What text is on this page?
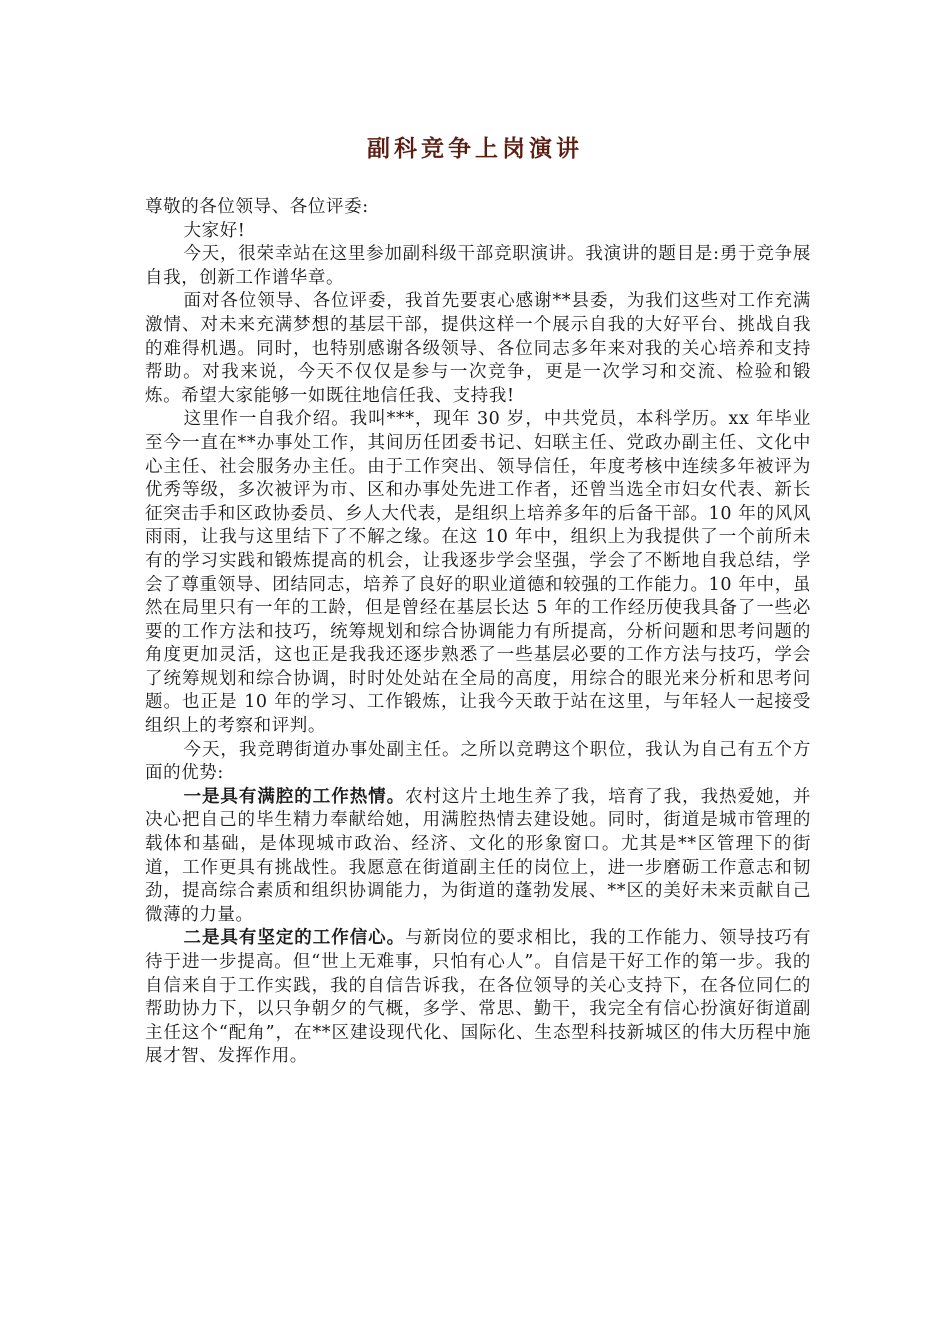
副科竞争上岗演讲

尊敬的各位领导、各位评委:

大家好!

今天，很荣幸站在这里参加副科级干部竞职演讲。我演讲的题目是:勇于竞争展自我，创新工作谱华章。

面对各位领导、各位评委，我首先要衷心感谢**县委，为我们这些对工作充满激情、对未来充满梦想的基层干部，提供这样一个展示自我的大好平台、挑战自我的难得机遇。同时，也特别感谢各级领导、各位同志多年来对我的关心培养和支持帮助。对我来说，今天不仅仅是参与一次竞争，更是一次学习和交流、检验和锻炼。希望大家能够一如既往地信任我、支持我!

这里作一自我介绍。我叫***，现年 30 岁，中共党员，本科学历。xx 年毕业至今一直在**办事处工作，其间历任团委书记、妇联主任、党政办副主任、文化中心主任、社会服务办主任。由于工作突出、领导信任，年度考核中连续多年被评为优秀等级，多次被评为市、区和办事处先进工作者，还曾当选全市妇女代表、新长征突击手和区政协委员、乡人大代表，是组织上培养多年的后备干部。10 年的风风雨雨，让我与这里结下了不解之缘。在这 10 年中，组织上为我提供了一个前所未有的学习实践和锻炼提高的机会，让我逐步学会坚强，学会了不断地自我总结，学会了尊重领导、团结同志，培养了良好的职业道德和较强的工作能力。10 年中，虽然在局里只有一年的工龄，但是曾经在基层长达 5 年的工作经历使我具备了一些必要的工作方法和技巧，统筹规划和综合协调能力有所提高，分析问题和思考问题的角度更加灵活，这也正是我我还逐步熟悉了一些基层必要的工作方法与技巧，学会了统筹规划和综合协调，时时处处站在全局的高度，用综合的眼光来分析和思考问题。也正是 10 年的学习、工作锻炼，让我今天敢于站在这里，与年轻人一起接受组织上的考察和评判。

今天，我竞聘街道办事处副主任。之所以竞聘这个职位，我认为自己有五个方面的优势:

一是具有满腔的工作热情。农村这片土地生养了我，培育了我，我热爱她，并决心把自己的毕生精力奉献给她，用满腔热情去建设她。同时，街道是城市管理的载体和基础，是体现城市政治、经济、文化的形象窗口。尤其是**区管理下的街道，工作更具有挑战性。我愿意在街道副主任的岗位上，进一步磨砺工作意志和韧劲，提高综合素质和组织协调能力，为街道的蓬勃发展、**区的美好未来贡献自己微薄的力量。

二是具有坚定的工作信心。与新岗位的要求相比，我的工作能力、领导技巧有待于进一步提高。但“世上无难事，只怕有心人”。自信是干好工作的第一步。我的自信来自于工作实践，我的自信告诉我，在各位领导的关心支持下，在各位同仁的帮助协力下，以只争朝夕的气概，多学、常思、勤干，我完全有信心扮演好街道副主任这个“配角”，在**区建设现代化、国际化、生态型科技新城区的伟大历程中施展才智、发挥作用。
